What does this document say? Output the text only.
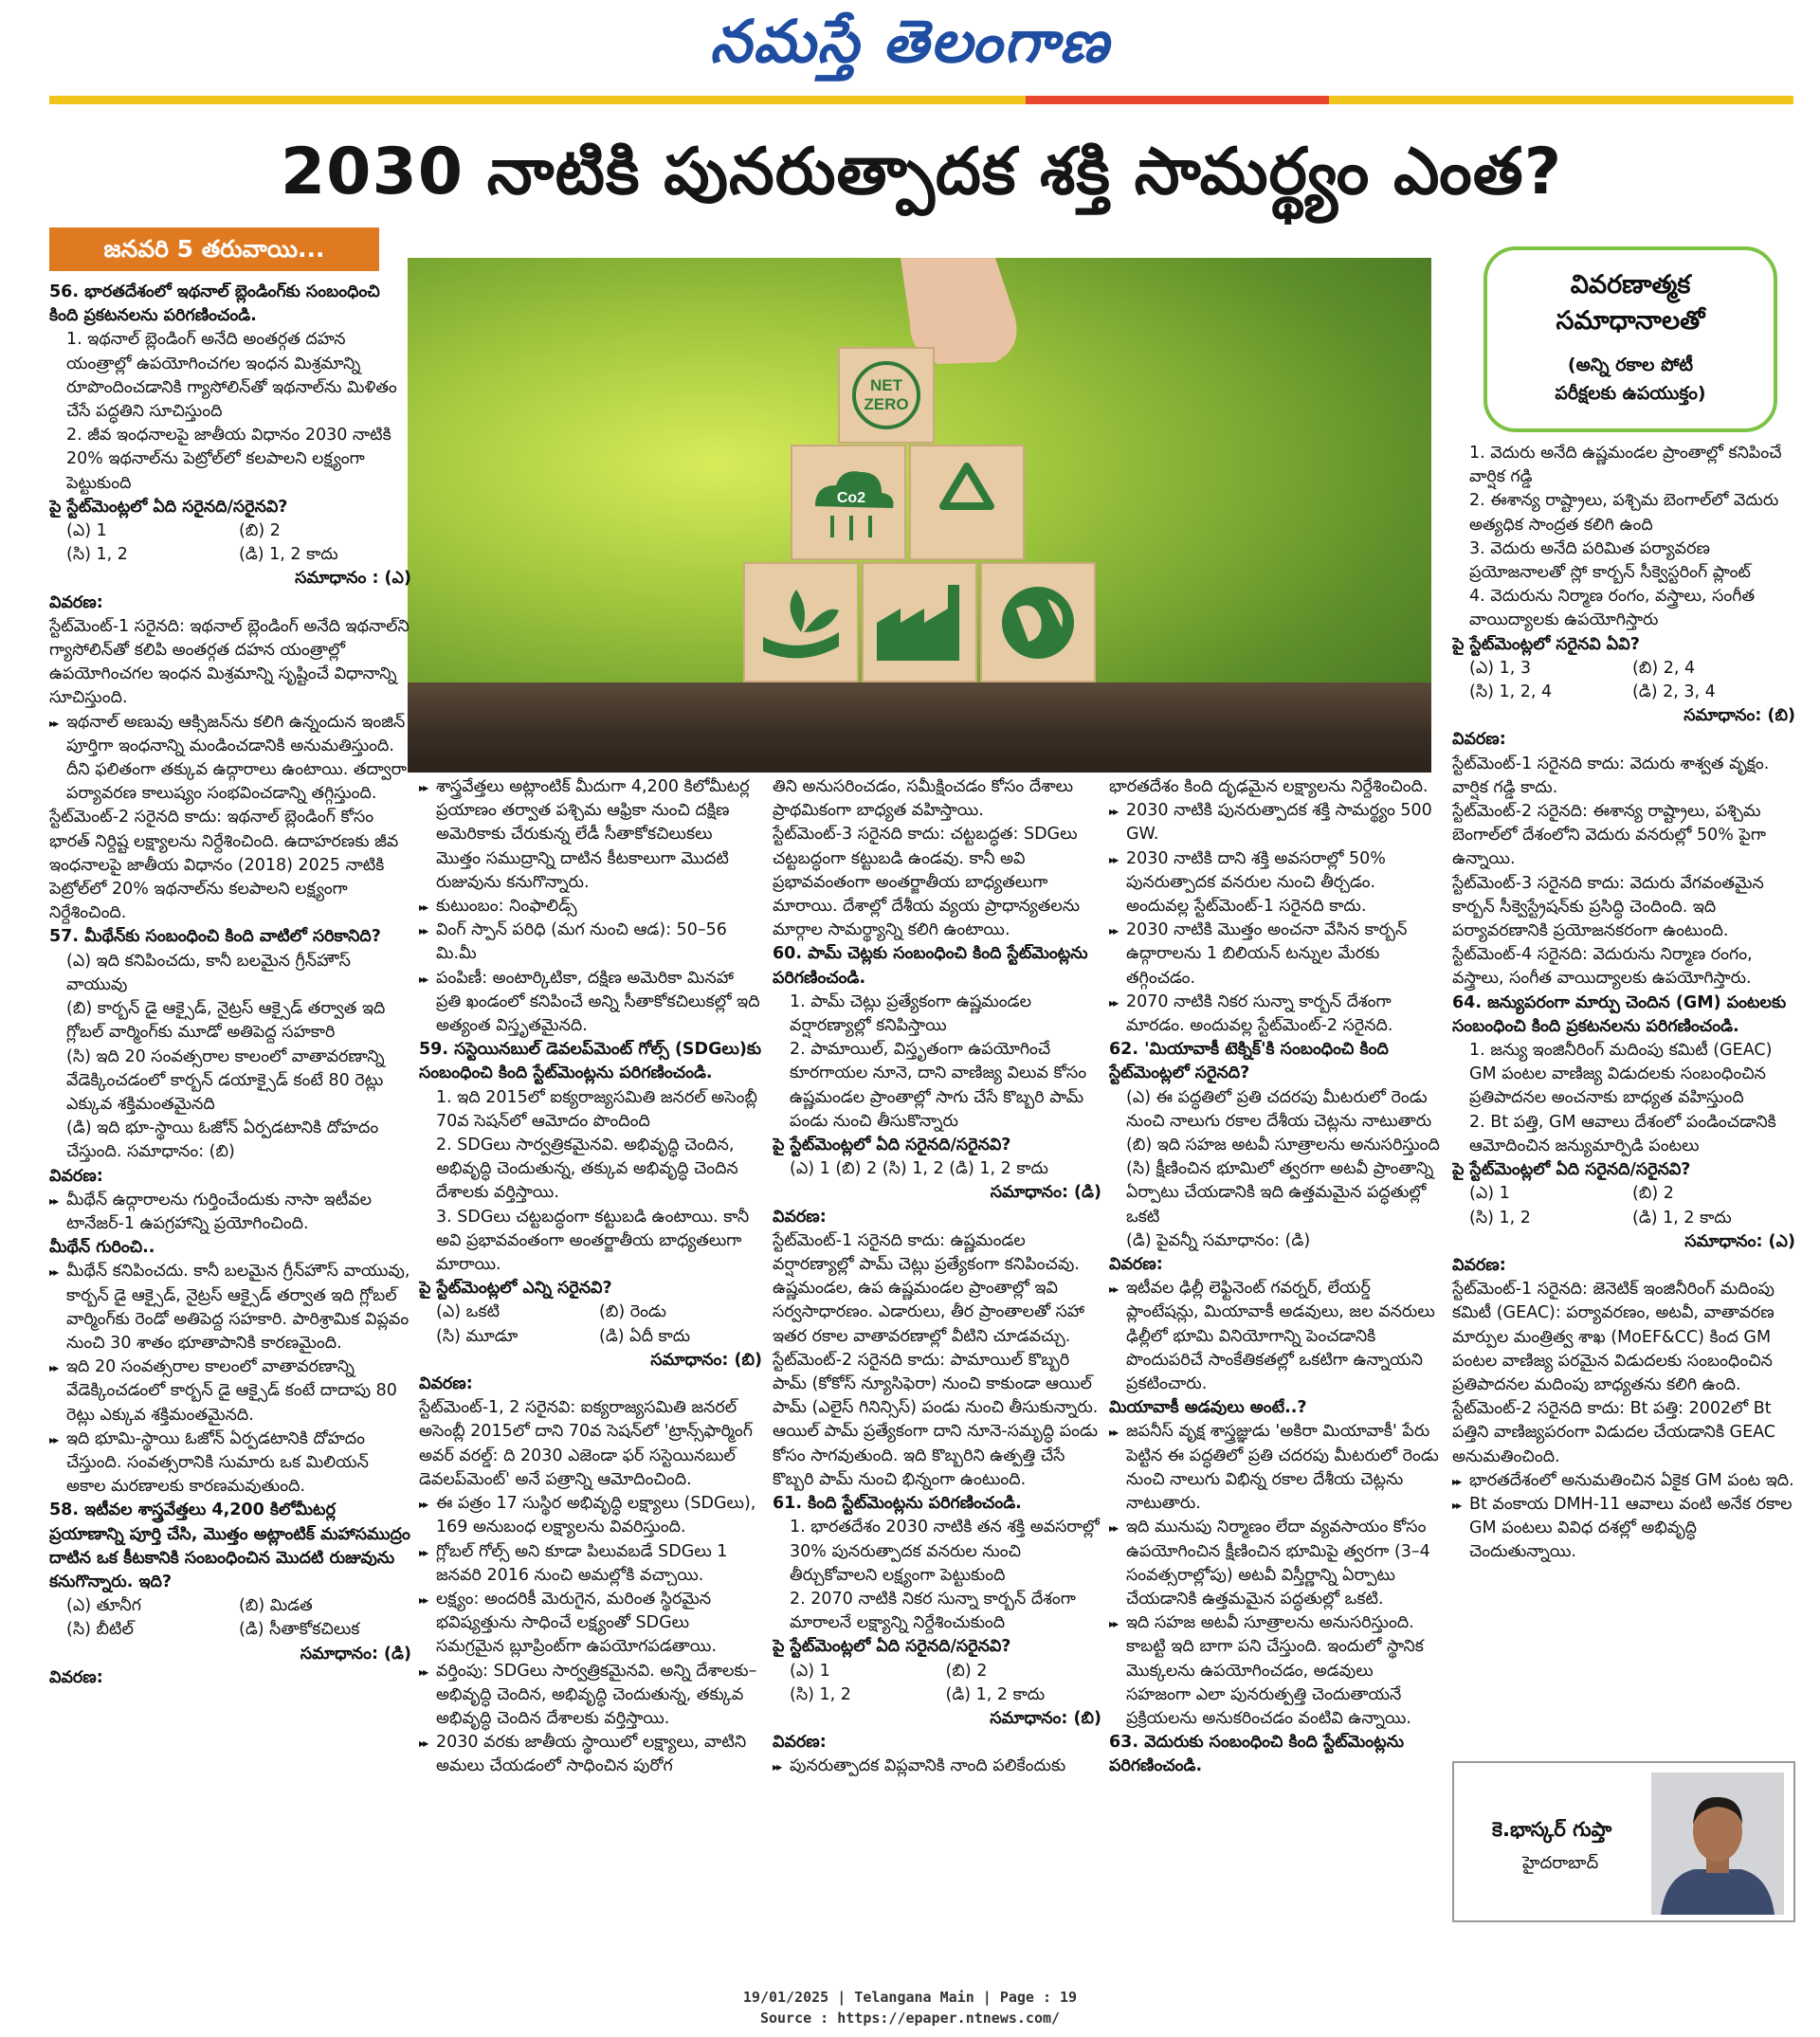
నమస్తే తెలంగాణ
2030 నాటికి పునరుత్పాదక శక్తి సామర్థ్యం ఎంత?
జనవరి 5 తరువాయి...
NET
ZERO
Co2
వివరణాత్మక
సమాధానాలతో
(అన్ని రకాల పోటీ
పరీక్షలకు ఉపయుక్తం)

56. భారతదేశంలో ఇథనాల్ బ్లెండింగ్‌కు సంబంధించి కింది ప్రకటనలను పరిగణించండి.

1. ఇథనాల్ బ్లెండింగ్ అనేది అంతర్గత దహన యంత్రాల్లో ఉపయోగించగల ఇంధన మిశ్రమాన్ని రూపొందించడానికి గ్యాసోలిన్‌తో ఇథనాల్‌ను మిళితం చేసే పద్ధతిని సూచిస్తుంది

2. జీవ ఇంధనాలపై జాతీయ విధానం 2030 నాటికి 20% ఇథనాల్‌ను పెట్రోల్‌లో కలపాలని లక్ష్యంగా పెట్టుకుంది

పై స్టేట్‌మెంట్లలో ఏది సరైనది/సరైనవి?

(ఎ) 1	(బి) 2

(సి) 1, 2	(డి) 1, 2 కాదు

సమాధానం : (ఎ)

వివరణ:

స్టేట్‌మెంట్-1 సరైనది: ఇథనాల్ బ్లెండింగ్ అనేది ఇథనాల్‌ని గ్యాసోలిన్‌తో కలిపి అంతర్గత దహన యంత్రాల్లో ఉపయోగించగల ఇంధన మిశ్రమాన్ని సృష్టించే విధానాన్ని సూచిస్తుంది.

▶▶ ఇథనాల్ అణువు ఆక్సిజన్‌ను కలిగి ఉన్నందున ఇంజిన్ పూర్తిగా ఇంధనాన్ని మండించడానికి అనుమతిస్తుంది. దీని ఫలితంగా తక్కువ ఉద్గారాలు ఉంటాయి. తద్వారా పర్యావరణ కాలుష్యం సంభవించడాన్ని తగ్గిస్తుంది.

స్టేట్‌మెంట్-2 సరైనది కాదు: ఇథనాల్ బ్లెండింగ్ కోసం భారత్ నిర్దిష్ట లక్ష్యాలను నిర్దేశించింది. ఉదాహరణకు జీవ ఇంధనాలపై జాతీయ విధానం (2018) 2025 నాటికి పెట్రోల్‌లో 20% ఇథనాల్‌ను కలపాలని లక్ష్యంగా నిర్దేశించింది.

57. మీథేన్‌కు సంబంధించి కింది వాటిలో సరికానిది?

(ఎ) ఇది కనిపించదు, కానీ బలమైన గ్రీన్‌హౌస్ వాయువు

(బి) కార్బన్ డై ఆక్సైడ్, నైట్రస్ ఆక్సైడ్ తర్వాత ఇది గ్లోబల్ వార్మింగ్‌కు మూడో అతిపెద్ద సహకారి

(సి) ఇది 20 సంవత్సరాల కాలంలో వాతావరణాన్ని వేడెక్కించడంలో కార్బన్ డయాక్సైడ్ కంటే 80 రెట్లు ఎక్కువ శక్తిమంతమైనది

(డి) ఇది భూ-స్థాయి ఓజోన్ ఏర్పడటానికి దోహదం చేస్తుంది. సమాధానం: (బి)

వివరణ:

▶▶ మీథేన్ ఉద్గారాలను గుర్తించేందుకు నాసా ఇటీవల టానేజర్-1 ఉపగ్రహాన్ని ప్రయోగించింది.

మీథేన్ గురించి..

▶▶ మీథేన్ కనిపించదు. కానీ బలమైన గ్రీన్‌హౌస్ వాయువు, కార్బన్ డై ఆక్సైడ్, నైట్రస్ ఆక్సైడ్ తర్వాత ఇది గ్లోబల్ వార్మింగ్‌కు రెండో అతిపెద్ద సహకారి. పారిశ్రామిక విప్లవం నుంచి 30 శాతం భూతాపానికి కారణమైంది.

▶▶ ఇది 20 సంవత్సరాల కాలంలో వాతావరణాన్ని వేడెక్కించడంలో కార్బన్ డై ఆక్సైడ్ కంటే దాదాపు 80 రెట్లు ఎక్కువ శక్తిమంతమైనది.

▶▶ ఇది భూమి-స్థాయి ఓజోన్ ఏర్పడటానికి దోహదం చేస్తుంది. సంవత్సరానికి సుమారు ఒక మిలియన్ అకాల మరణాలకు కారణమవుతుంది.

58. ఇటీవల శాస్త్రవేత్తలు 4,200 కిలోమీటర్ల ప్రయాణాన్ని పూర్తి చేసి, మొత్తం అట్లాంటిక్ మహాసముద్రం దాటిన ఒక కీటకానికి సంబంధించిన మొదటి రుజువును కనుగొన్నారు. ఇది?

(ఎ) తూనీగ	(బి) మిడత

(సి) బీటిల్	(డి) సీతాకోకచిలుక

సమాధానం: (డి)

వివరణ:

▶▶ శాస్త్రవేత్తలు అట్లాంటిక్ మీదుగా 4,200 కిలోమీటర్ల ప్రయాణం తర్వాత పశ్చిమ ఆఫ్రికా నుంచి దక్షిణ అమెరికాకు చేరుకున్న లేడీ సీతాకోకచిలుకలు మొత్తం సముద్రాన్ని దాటిన కీటకాలుగా మొదటి రుజువును కనుగొన్నారు.

▶▶ కుటుంబం: నింఫాలిడ్స్

▶▶ వింగ్ స్పాన్ పరిధి (మగ నుంచి ఆడ): 50–56 మి.మీ

▶▶ పంపిణీ: అంటార్కిటికా, దక్షిణ అమెరికా మినహా ప్రతి ఖండంలో కనిపించే అన్ని సీతాకోకచిలుకల్లో ఇది అత్యంత విస్తృతమైనది.

59. సస్టెయినబుల్ డెవలప్‌మెంట్ గోల్స్ (SDGలు)కు సంబంధించి కింది స్టేట్‌మెంట్లను పరిగణించండి.

1. ఇది 2015లో ఐక్యరాజ్యసమితి జనరల్ అసెంబ్లీ 70వ సెషన్‌లో ఆమోదం పొందింది

2. SDGలు సార్వత్రికమైనవి. అభివృద్ధి చెందిన, అభివృద్ధి చెందుతున్న, తక్కువ అభివృద్ధి చెందిన దేశాలకు వర్తిస్తాయి.

3. SDGలు చట్టబద్ధంగా కట్టుబడి ఉంటాయి. కానీ అవి ప్రభావవంతంగా అంతర్జాతీయ బాధ్యతలుగా మారాయి.

పై స్టేట్‌మెంట్లలో ఎన్ని సరైనవి?

(ఎ) ఒకటి	(బి) రెండు

(సి) మూడూ	(డి) ఏదీ కాదు

సమాధానం: (బి)

వివరణ:

స్టేట్‌మెంట్-1, 2 సరైనవి: ఐక్యరాజ్యసమితి జనరల్ అసెంబ్లీ 2015లో దాని 70వ సెషన్‌లో 'ట్రాన్స్‌ఫార్మింగ్ అవర్ వరల్డ్: ది 2030 ఎజెండా ఫర్ సస్టెయినబుల్ డెవలప్‌మెంట్' అనే పత్రాన్ని ఆమోదించింది.

▶▶ ఈ పత్రం 17 సుస్థిర అభివృద్ధి లక్ష్యాలు (SDGలు), 169 అనుబంధ లక్ష్యాలను వివరిస్తుంది.

▶▶ గ్లోబల్ గోల్స్ అని కూడా పిలువబడే SDGలు 1 జనవరి 2016 నుంచి అమల్లోకి వచ్చాయి.

▶▶ లక్ష్యం: అందరికీ మెరుగైన, మరింత స్థిరమైన భవిష్యత్తును సాధించే లక్ష్యంతో SDGలు సమగ్రమైన బ్లూప్రింట్‌గా ఉపయోగపడతాయి.

▶▶ వర్తింపు: SDGలు సార్వత్రికమైనవి. అన్ని దేశాలకు–అభివృద్ధి చెందిన, అభివృద్ధి చెందుతున్న, తక్కువ అభివృద్ధి చెందిన దేశాలకు వర్తిస్తాయి.

▶▶ 2030 వరకు జాతీయ స్థాయిలో లక్ష్యాలు, వాటిని అమలు చేయడంలో సాధించిన పురోగ

తిని అనుసరించడం, సమీక్షించడం కోసం దేశాలు ప్రాథమికంగా బాధ్యత వహిస్తాయి.

స్టేట్‌మెంట్-3 సరైనది కాదు: చట్టబద్ధత: SDGలు చట్టబద్ధంగా కట్టుబడి ఉండవు. కానీ అవి ప్రభావవంతంగా అంతర్జాతీయ బాధ్యతలుగా మారాయి. దేశాల్లో దేశీయ వ్యయ ప్రాధాన్యతలను మార్గాల సామర్థ్యాన్ని కలిగి ఉంటాయి.

60. పామ్ చెట్లకు సంబంధించి కింది స్టేట్‌మెంట్లను పరిగణించండి.

1. పామ్ చెట్లు ప్రత్యేకంగా ఉష్ణమండల వర్షారణ్యాల్లో కనిపిస్తాయి

2. పామాయిల్, విస్తృతంగా ఉపయోగించే కూరగాయల నూనె, దాని వాణిజ్య విలువ కోసం ఉష్ణమండల ప్రాంతాల్లో సాగు చేసే కొబ్బరి పామ్ పండు నుంచి తీసుకొన్నారు

పై స్టేట్‌మెంట్లలో ఏది సరైనది/సరైనవి?

(ఎ) 1 (బి) 2 (సి) 1, 2 (డి) 1, 2 కాదు

సమాధానం: (డి)

వివరణ:

స్టేట్‌మెంట్-1 సరైనది కాదు: ఉష్ణమండల వర్షారణ్యాల్లో పామ్ చెట్లు ప్రత్యేకంగా కనిపించవు. ఉష్ణమండల, ఉప ఉష్ణమండల ప్రాంతాల్లో ఇవి సర్వసాధారణం. ఎడారులు, తీర ప్రాంతాలతో సహా ఇతర రకాల వాతావరణాల్లో వీటిని చూడవచ్చు.

స్టేట్‌మెంట్-2 సరైనది కాదు: పామాయిల్ కొబ్బరి పామ్ (కోకోస్ న్యూసిఫెరా) నుంచి కాకుండా ఆయిల్ పామ్ (ఎలైస్ గినిన్సిస్) పండు నుంచి తీసుకున్నారు. ఆయిల్ పామ్ ప్రత్యేకంగా దాని నూనె-సమృద్ధి పండు కోసం సాగవుతుంది. ఇది కొబ్బరిని ఉత్పత్తి చేసే కొబ్బరి పామ్ నుంచి భిన్నంగా ఉంటుంది.

61. కింది స్టేట్‌మెంట్లను పరిగణించండి.

1. భారతదేశం 2030 నాటికి తన శక్తి అవసరాల్లో 30% పునరుత్పాదక వనరుల నుంచి తీర్చుకోవాలని లక్ష్యంగా పెట్టుకుంది

2. 2070 నాటికి నికర సున్నా కార్బన్ దేశంగా మారాలనే లక్ష్యాన్ని నిర్దేశించుకుంది

పై స్టేట్‌మెంట్లలో ఏది సరైనది/సరైనవి?

(ఎ) 1	(బి) 2

(సి) 1, 2	(డి) 1, 2 కాదు

సమాధానం: (బి)

వివరణ:

▶▶ పునరుత్పాదక విప్లవానికి నాంది పలికేందుకు

భారతదేశం కింది దృఢమైన లక్ష్యాలను నిర్దేశించింది.

▶▶ 2030 నాటికి పునరుత్పాదక శక్తి సామర్థ్యం 500 GW.

▶▶ 2030 నాటికి దాని శక్తి అవసరాల్లో 50% పునరుత్పాదక వనరుల నుంచి తీర్చడం. అందువల్ల స్టేట్‌మెంట్-1 సరైనది కాదు.

▶▶ 2030 నాటికి మొత్తం అంచనా వేసిన కార్బన్ ఉద్గారాలను 1 బిలియన్ టన్నుల మేరకు తగ్గించడం.

▶▶ 2070 నాటికి నికర సున్నా కార్బన్ దేశంగా మారడం. అందువల్ల స్టేట్‌మెంట్-2 సరైనది.

62. 'మియావాకీ టెక్నిక్'కి సంబంధించి కింది స్టేట్‌మెంట్లలో సరైనది?

(ఎ) ఈ పద్ధతిలో ప్రతి చదరపు మీటరులో రెండు నుంచి నాలుగు రకాల దేశీయ చెట్లను నాటుతారు

(బి) ఇది సహజ అటవీ సూత్రాలను అనుసరిస్తుంది

(సి) క్షీణించిన భూమిలో త్వరగా అటవీ ప్రాంతాన్ని ఏర్పాటు చేయడానికి ఇది ఉత్తమమైన పద్ధతుల్లో ఒకటి

(డి) పైవన్నీ సమాధానం: (డి)

వివరణ:

▶▶ ఇటీవల ఢిల్లీ లెఫ్టినెంట్ గవర్నర్, లేయర్డ్ ప్లాంటేషన్లు, మియావాకీ అడవులు, జల వనరులు ఢిల్లీలో భూమి వినియోగాన్ని పెంచడానికి పొందుపరిచే సాంకేతికతల్లో ఒకటిగా ఉన్నాయని ప్రకటించారు.

మియావాకీ అడవులు అంటే..?

▶▶ జపనీస్ వృక్ష శాస్త్రజ్ఞుడు 'అకిరా మియావాకీ' పేరు పెట్టిన ఈ పద్ధతిలో ప్రతి చదరపు మీటరులో రెండు నుంచి నాలుగు విభిన్న రకాల దేశీయ చెట్లను నాటుతారు.

▶▶ ఇది మునుపు నిర్మాణం లేదా వ్యవసాయం కోసం ఉపయోగించిన క్షీణించిన భూమిపై త్వరగా (3–4 సంవత్సరాల్లోపు) అటవీ విస్తీర్ణాన్ని ఏర్పాటు చేయడానికి ఉత్తమమైన పద్ధతుల్లో ఒకటి.

▶▶ ఇది సహజ అటవీ సూత్రాలను అనుసరిస్తుంది. కాబట్టి ఇది బాగా పని చేస్తుంది. ఇందులో స్థానిక మొక్కలను ఉపయోగించడం, అడవులు సహజంగా ఎలా పునరుత్పత్తి చెందుతాయనే ప్రక్రియలను అనుకరించడం వంటివి ఉన్నాయి.

63. వెదురుకు సంబంధించి కింది స్టేట్‌మెంట్లను పరిగణించండి.

1. వెదురు అనేది ఉష్ణమండల ప్రాంతాల్లో కనిపించే వార్షిక గడ్డి

2. ఈశాన్య రాష్ట్రాలు, పశ్చిమ బెంగాల్‌లో వెదురు అత్యధిక సాంద్రత కలిగి ఉంది

3. వెదురు అనేది పరిమిత పర్యావరణ ప్రయోజనాలతో స్లో కార్బన్ సీక్వెస్టరింగ్ ప్లాంట్

4. వెదురును నిర్మాణ రంగం, వస్త్రాలు, సంగీత వాయిద్యాలకు ఉపయోగిస్తారు

పై స్టేట్‌మెంట్లలో సరైనవి ఏవి?

(ఎ) 1, 3	(బి) 2, 4

(సి) 1, 2, 4	(డి) 2, 3, 4

సమాధానం: (బి)

వివరణ:

స్టేట్‌మెంట్-1 సరైనది కాదు: వెదురు శాశ్వత వృక్షం. వార్షిక గడ్డి కాదు.

స్టేట్‌మెంట్-2 సరైనది: ఈశాన్య రాష్ట్రాలు, పశ్చిమ బెంగాల్‌లో దేశంలోని వెదురు వనరుల్లో 50% పైగా ఉన్నాయి.

స్టేట్‌మెంట్-3 సరైనది కాదు: వెదురు వేగవంతమైన కార్బన్ సీక్వెస్ట్రేషన్‌కు ప్రసిద్ధి చెందింది. ఇది పర్యావరణానికి ప్రయోజనకరంగా ఉంటుంది.

స్టేట్‌మెంట్-4 సరైనది: వెదురును నిర్మాణ రంగం, వస్త్రాలు, సంగీత వాయిద్యాలకు ఉపయోగిస్తారు.

64. జన్యుపరంగా మార్పు చెందిన (GM) పంటలకు సంబంధించి కింది ప్రకటనలను పరిగణించండి.

1. జన్యు ఇంజినీరింగ్ మదింపు కమిటీ (GEAC) GM పంటల వాణిజ్య విడుదలకు సంబంధించిన ప్రతిపాదనల అంచనాకు బాధ్యత వహిస్తుంది

2. Bt పత్తి, GM ఆవాలు దేశంలో పండించడానికి ఆమోదించిన జన్యుమార్పిడి పంటలు

పై స్టేట్‌మెంట్లలో ఏది సరైనది/సరైనవి?

(ఎ) 1	(బి) 2

(సి) 1, 2	(డి) 1, 2 కాదు

సమాధానం: (ఎ)

వివరణ:

స్టేట్‌మెంట్-1 సరైనది: జెనెటిక్ ఇంజినీరింగ్ మదింపు కమిటీ (GEAC): పర్యావరణం, అటవీ, వాతావరణ మార్పుల మంత్రిత్వ శాఖ (MoEF&CC) కింద GM పంటల వాణిజ్య పరమైన విడుదలకు సంబంధించిన ప్రతిపాదనల మదింపు బాధ్యతను కలిగి ఉంది.

స్టేట్‌మెంట్-2 సరైనది కాదు: Bt పత్తి: 2002లో Bt పత్తిని వాణిజ్యపరంగా విడుదల చేయడానికి GEAC అనుమతించింది.

▶▶ భారతదేశంలో అనుమతించిన ఏకైక GM పంట ఇది.

▶▶ Bt వంకాయ DMH-11 ఆవాలు వంటి అనేక రకాల GM పంటలు వివిధ దశల్లో అభివృద్ధి చెందుతున్నాయి.

కె.భాస్కర్ గుప్తా
హైదరాబాద్
19/01/2025 | Telangana Main | Page : 19
Source : https://epaper.ntnews.com/
